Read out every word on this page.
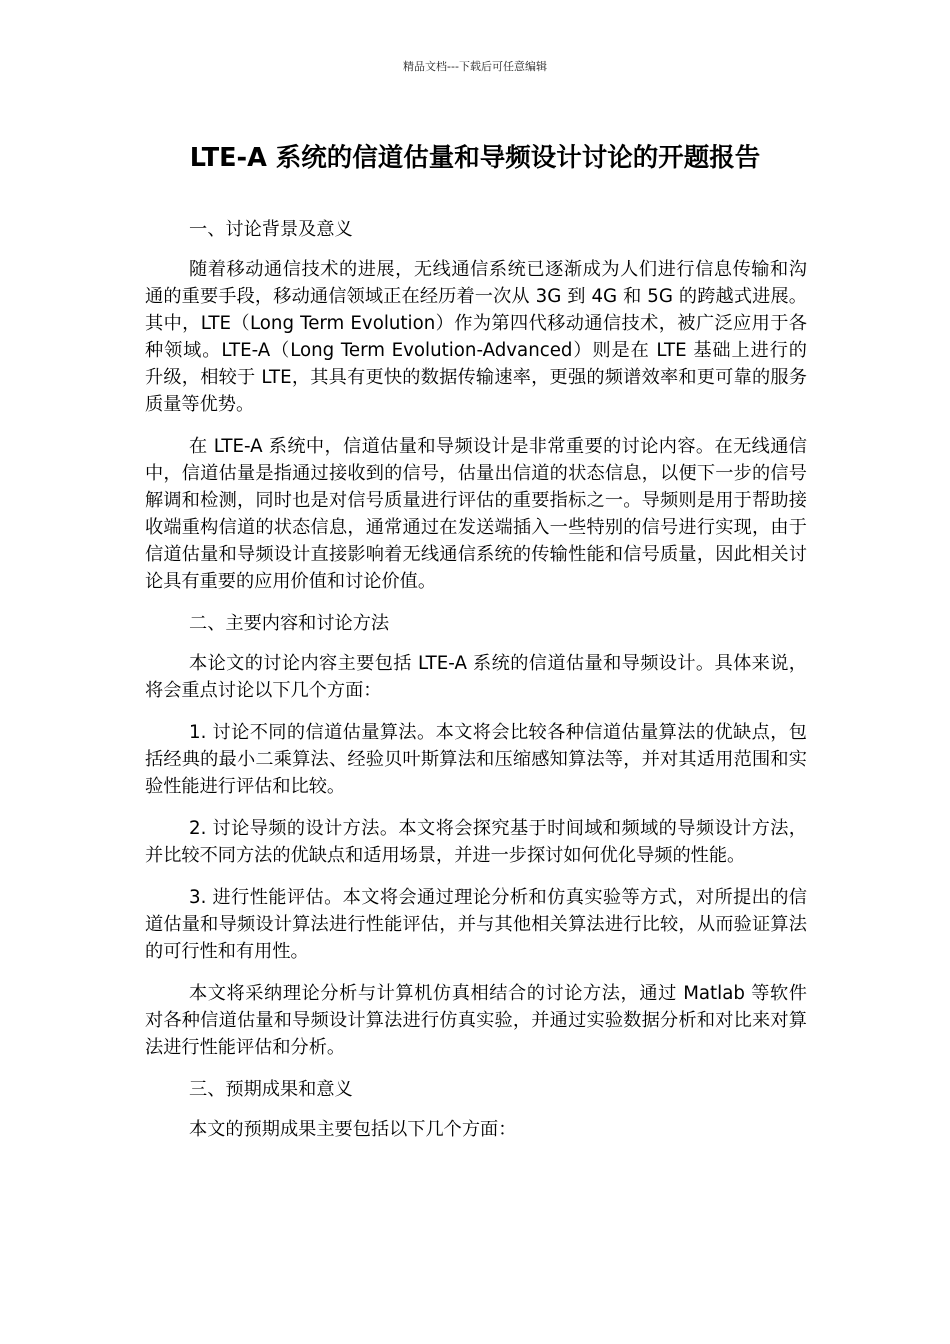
精品文档---下载后可任意编辑
LTE-A 系统的信道估量和导频设计讨论的开题报告

一、讨论背景及意义

随着移动通信技术的进展，无线通信系统已逐渐成为人们进行信息传输和沟通的重要手段，移动通信领域正在经历着一次从 3G 到 4G 和 5G 的跨越式进展。其中，LTE（Long Term Evolution）作为第四代移动通信技术，被广泛应用于各种领域。LTE-A（Long Term Evolution-Advanced）则是在 LTE 基础上进行的升级，相较于 LTE，其具有更快的数据传输速率，更强的频谱效率和更可靠的服务质量等优势。

在 LTE-A 系统中，信道估量和导频设计是非常重要的讨论内容。在无线通信中，信道估量是指通过接收到的信号，估量出信道的状态信息，以便下一步的信号解调和检测，同时也是对信号质量进行评估的重要指标之一。导频则是用于帮助接收端重构信道的状态信息，通常通过在发送端插入一些特别的信号进行实现，由于信道估量和导频设计直接影响着无线通信系统的传输性能和信号质量，因此相关讨论具有重要的应用价值和讨论价值。

二、主要内容和讨论方法

本论文的讨论内容主要包括 LTE-A 系统的信道估量和导频设计。具体来说，将会重点讨论以下几个方面：

1. 讨论不同的信道估量算法。本文将会比较各种信道估量算法的优缺点，包括经典的最小二乘算法、经验贝叶斯算法和压缩感知算法等，并对其适用范围和实验性能进行评估和比较。

2. 讨论导频的设计方法。本文将会探究基于时间域和频域的导频设计方法，并比较不同方法的优缺点和适用场景，并进一步探讨如何优化导频的性能。

3. 进行性能评估。本文将会通过理论分析和仿真实验等方式，对所提出的信道估量和导频设计算法进行性能评估，并与其他相关算法进行比较，从而验证算法的可行性和有用性。

本文将采纳理论分析与计算机仿真相结合的讨论方法，通过 Matlab 等软件对各种信道估量和导频设计算法进行仿真实验，并通过实验数据分析和对比来对算法进行性能评估和分析。

三、预期成果和意义

本文的预期成果主要包括以下几个方面：
